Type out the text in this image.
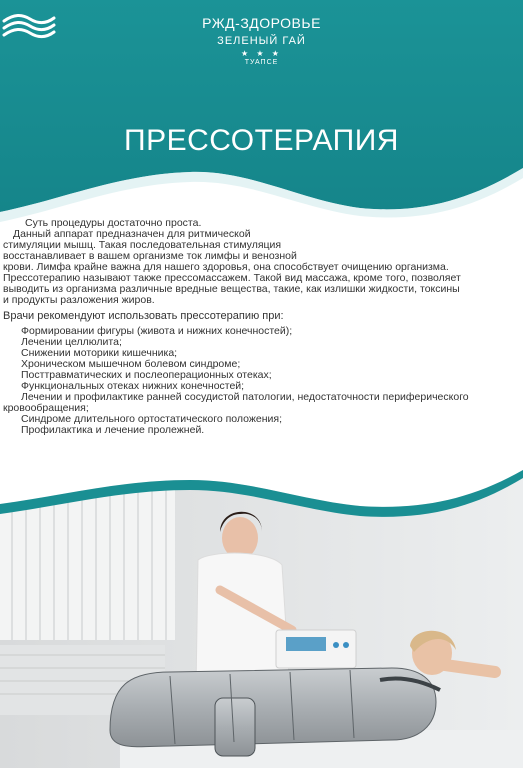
РЖД-ЗДОРОВЬЕ
ЗЕЛЕНЫЙ ГАЙ
★ ★ ★
ТУАПСЕ
ПРЕССОТЕРАПИЯ

Суть процедуры достаточно проста.

Данный аппарат предназначен для ритмической

стимуляции мышц. Такая последовательная стимуляция

восстанавливает в вашем организме ток лимфы и венозной

крови. Лимфа крайне важна для нашего здоровья, она способствует очищению организма.

Прессотерапию называют также прессомассажем. Такой вид массажа, кроме того, позволяет

выводить из организма различные вредные вещества, такие, как излишки жидкости, токсины

и продукты разложения жиров.

Врачи рекомендуют использовать прессотерапию при:

Формировании фигуры (живота и нижних конечностей);
Лечении целлюлита;
Снижении моторики кишечника;
Хроническом мышечном болевом синдроме;
Посттравматических и послеоперационных отеках;
Функциональных отеках нижних конечностей;
Лечении и профилактике ранней сосудистой патологии, недостаточности периферического
кровообращения;
Синдроме длительного ортостатического положения;
Профилактика и лечение пролежней.
